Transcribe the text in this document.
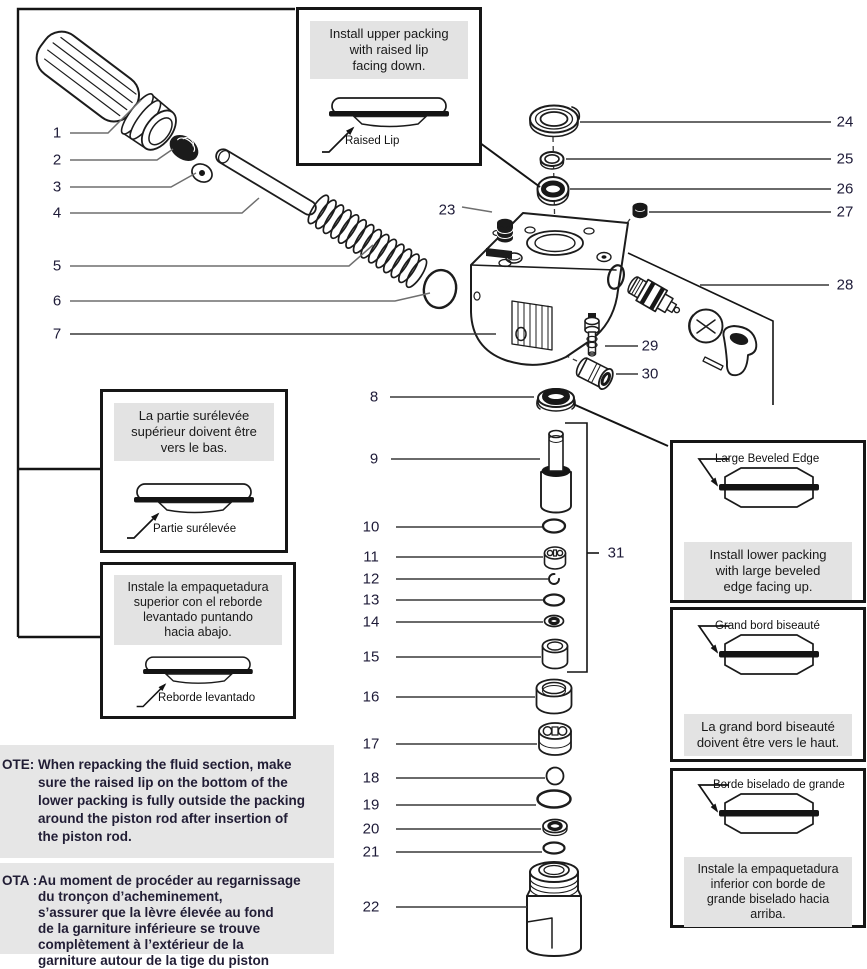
1
2
3
4
5
6
7
8
9
10
11
12
13
14
15
16
17
18
19
20
21
22
23
24
25
26
27
28
29
30
31
Install upper packing
with raised lip
facing down.
Raised Lip
La partie surélevée
supérieur doivent être
vers le bas.
Partie surélevée
Instale la empaquetadura
superior con el reborde
levantado puntando
hacia abajo.
Reborde levantado
Large Beveled Edge
Install lower packing
with large beveled
edge facing up.
Grand bord biseauté
La grand bord biseauté
doivent être vers le haut.
Borde biselado de grande
Instale la empaquetadura
inferior con borde de
grande biselado hacia
arriba.
OTE: When repacking the fluid section, make
sure the raised lip on the bottom of the
lower packing is fully outside the packing
around the piston rod after insertion of
the piston rod.
OTA : Au moment de procéder au regarnissage
du tronçon d’acheminement,
s’assurer que la lèvre élevée au fond
de la garniture inférieure se trouve
complètement à l’extérieur de la
garniture autour de la tige du piston
